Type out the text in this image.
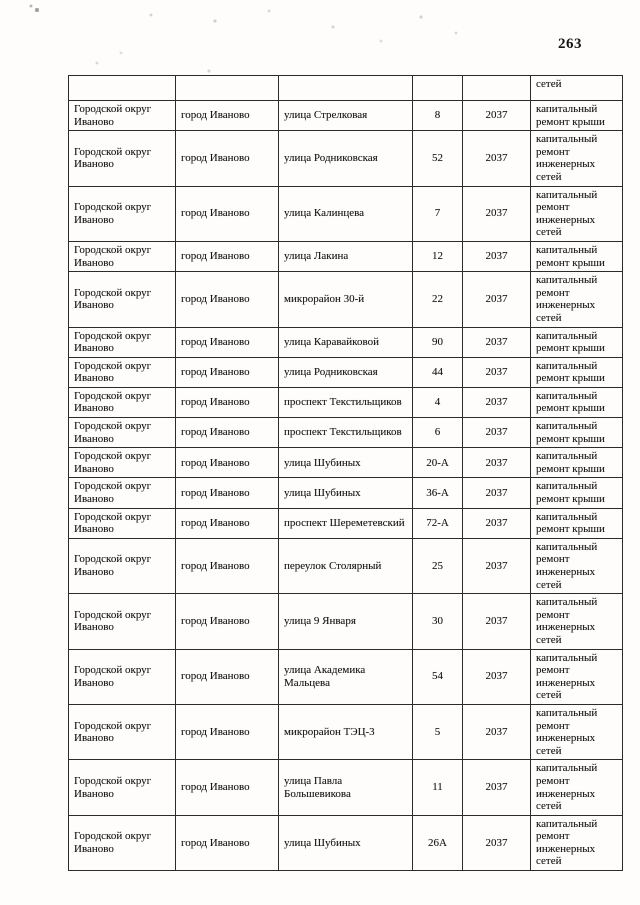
263
					сетей
Городской округ Иваново	город Иваново	улица Стрелковая	8	2037	капитальный ремонт крыши
Городской округ Иваново	город Иваново	улица Родниковская	52	2037	капитальный ремонт инженерных сетей
Городской округ Иваново	город Иваново	улица Калинцева	7	2037	капитальный ремонт инженерных сетей
Городской округ Иваново	город Иваново	улица Лакина	12	2037	капитальный ремонт крыши
Городской округ Иваново	город Иваново	микрорайон 30-й	22	2037	капитальный ремонт инженерных сетей
Городской округ Иваново	город Иваново	улица Каравайковой	90	2037	капитальный ремонт крыши
Городской округ Иваново	город Иваново	улица Родниковская	44	2037	капитальный ремонт крыши
Городской округ Иваново	город Иваново	проспект Текстильщиков	4	2037	капитальный ремонт крыши
Городской округ Иваново	город Иваново	проспект Текстильщиков	6	2037	капитальный ремонт крыши
Городской округ Иваново	город Иваново	улица Шубиных	20-А	2037	капитальный ремонт крыши
Городской округ Иваново	город Иваново	улица Шубиных	36-А	2037	капитальный ремонт крыши
Городской округ Иваново	город Иваново	проспект Шереметевский	72-А	2037	капитальный ремонт крыши
Городской округ Иваново	город Иваново	переулок Столярный	25	2037	капитальный ремонт инженерных сетей
Городской округ Иваново	город Иваново	улица 9 Января	30	2037	капитальный ремонт инженерных сетей
Городской округ Иваново	город Иваново	улица Академика Мальцева	54	2037	капитальный ремонт инженерных сетей
Городской округ Иваново	город Иваново	микрорайон ТЭЦ-3	5	2037	капитальный ремонт инженерных сетей
Городской округ Иваново	город Иваново	улица Павла Большевикова	11	2037	капитальный ремонт инженерных сетей
Городской округ Иваново	город Иваново	улица Шубиных	26А	2037	капитальный ремонт инженерных сетей
